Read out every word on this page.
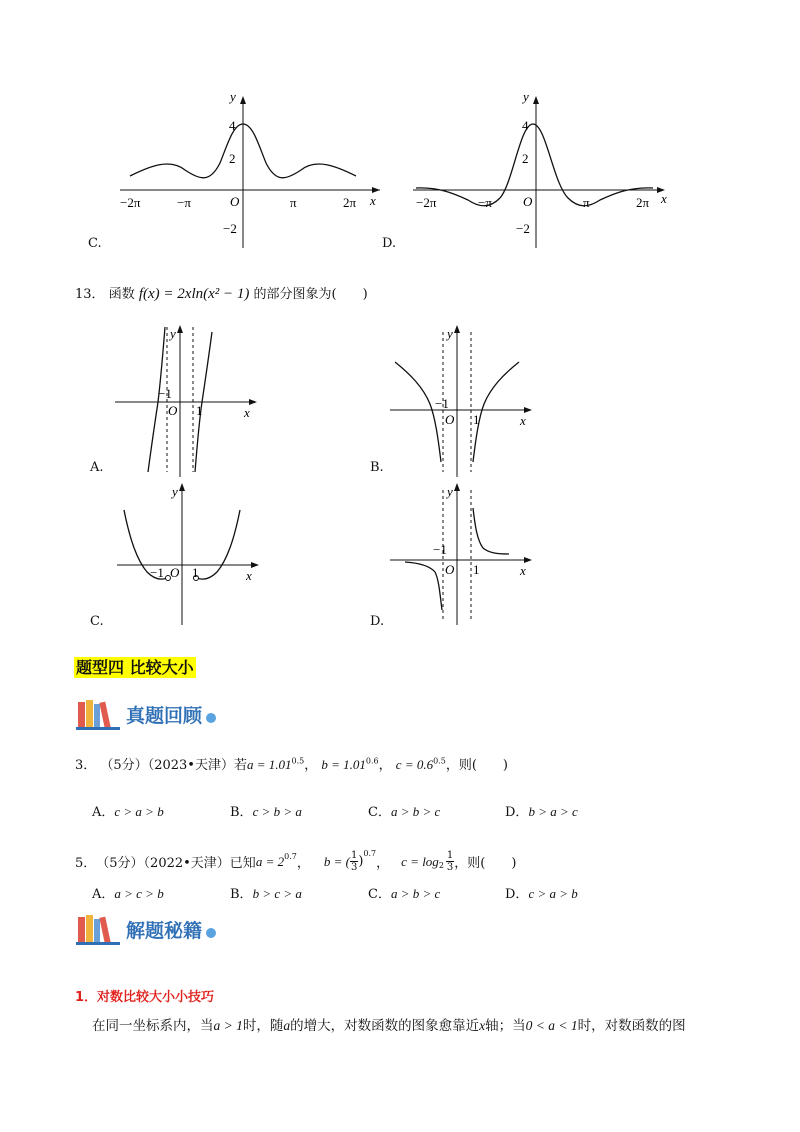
y
x
4
2
−2
O
−2π	−π	π	2π
C.
y
x
4
2
−2
O
−2π	−π	π	2π
D.
13． 函数 f(x) = 2xln(x² − 1) 的部分图象为(　　)
y
x
O
−1
1
A.
y
x
O
−1
1
B.
y
x
O
−1 1
C.
y
x
O
−1
1
D.
题型四 比较大小
真题回顾
3． （5分）（2023•天津）若$a = 1.01^{0.5}$， $b = 1.01^{0.6}$， $c = 0.6^{0.5}$，则(　　)
A．c > a > b	B．c > b > a	C．a > b > c	D．b > a > c
5． （5分）（2022•天津）已知 $a = 2^{0.7}$ ， b = ( $\frac{1}{3}$ )
$^{0.7}$
， $c = \log_2 \frac{1}{3}$ ，则(　　)
A．a > c > b	B．b > c > a	C．a > b > c	D．c > a > b
解题秘籍
1．对数比较大小小技巧
在同一坐标系内，当a > 1时，随a的增大，对数函数的图象愈靠近x轴；当0 < a < 1时，对数函数的图
